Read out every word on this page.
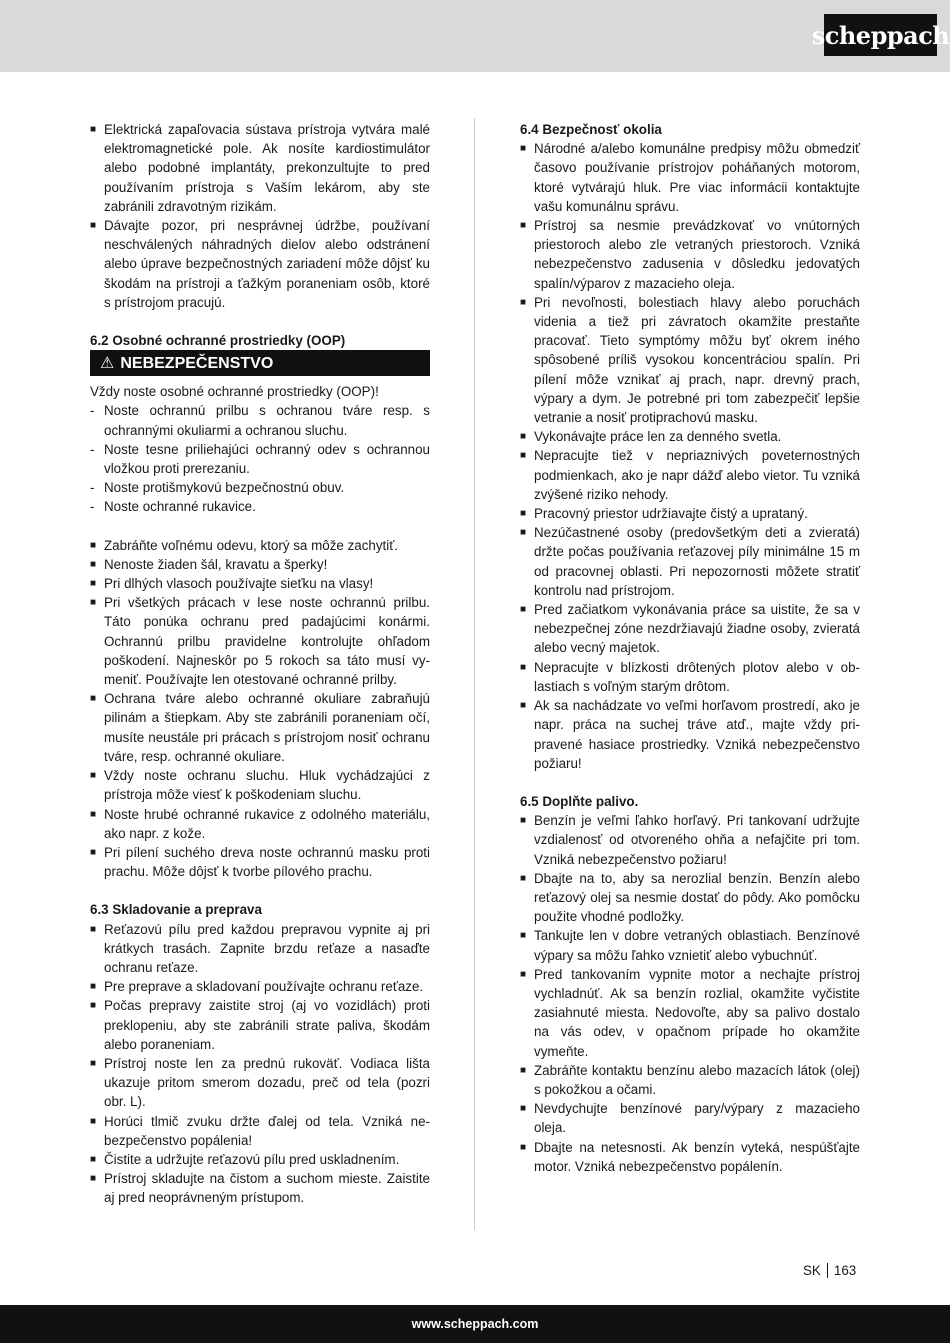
scheppach

■ Elektrická zapaľovacia sústava prístroja vytvára malé elektromagnetické pole. Ak nosíte kardiostimulátor alebo podobné implantáty, prekonzultujte to pred používaním prístroja s Vaším lekárom, aby ste zabránili zdravotným rizikám.

■ Dávajte pozor, pri nesprávnej údržbe, používaní neschválených náhradných dielov alebo odstránení alebo úprave bezpečnostných zariadení môže dôjsť ku škodám na prístroji a ťažkým poraneniam osôb, ktoré s prístrojom pracujú.

6.2 Osobné ochranné prostriedky (OOP)

⚠ NEBEZPEČENSTVO

Vždy noste osobné ochranné prostriedky (OOP)!

- Noste ochrannú prilbu s ochranou tváre resp. s ochrannými okuliarmi a ochranou sluchu.

- Noste tesne priliehajúci ochranný odev s ochrannou vložkou proti prerezaniu.

- Noste protišmykovú bezpečnostnú obuv.

- Noste ochranné rukavice.

■ Zabráňte voľnému odevu, ktorý sa môže zachytiť.

■ Nenoste žiaden šál, kravatu a šperky!

■ Pri dlhých vlasoch používajte sieťku na vlasy!

■ Pri všetkých prácach v lese noste ochrannú prilbu. Táto ponúka ochranu pred padajúcimi konármi. Ochrannú prilbu pravidelne kontrolujte ohľadom poškodení. Najneskôr po 5 rokoch sa táto musí vymeniť. Používajte len otestované ochranné prilby.

■ Ochrana tváre alebo ochranné okuliare zabraňujú pilinám a štiepkam. Aby ste zabránili poraneniam očí, musíte neustále pri prácach s prístrojom nosiť ochranu tváre, resp. ochranné okuliare.

■ Vždy noste ochranu sluchu. Hluk vychádzajúci z prístroja môže viesť k poškodeniam sluchu.

■ Noste hrubé ochranné rukavice z odolného materiálu, ako napr. z kože.

■ Pri pílení suchého dreva noste ochrannú masku proti prachu. Môže dôjsť k tvorbe pílového prachu.

6.3 Skladovanie a preprava

■ Reťazovú pílu pred každou prepravou vypnite aj pri krátkych trasách. Zapnite brzdu reťaze a nasaďte ochranu reťaze.

■ Pre preprave a skladovaní používajte ochranu reťaze.

■ Počas prepravy zaistite stroj (aj vo vozidlách) proti preklopeniu, aby ste zabránili strate paliva, škodám alebo poraneniam.

■ Prístroj noste len za prednú rukoväť. Vodiaca lišta ukazuje pritom smerom dozadu, preč od tela (pozri obr. L).

■ Horúci tlmič zvuku držte ďalej od tela. Vzniká nebezpečenstvo popálenia!

■ Čistite a udržujte reťazovú pílu pred uskladnením.

■ Prístroj skladujte na čistom a suchom mieste. Zaistite aj pred neoprávneným prístupom.

6.4 Bezpečnosť okolia

■ Národné a/alebo komunálne predpisy môžu obmedziť časovo používanie prístrojov poháňaných motorom, ktoré vytvárajú hluk. Pre viac informácii kontaktujte vašu komunálnu správu.

■ Prístroj sa nesmie prevádzkovať vo vnútorných priestoroch alebo zle vetraných priestoroch. Vzniká nebezpečenstvo zadusenia v dôsledku jedovatých spalín/výparov z mazacieho oleja.

■ Pri nevoľnosti, bolestiach hlavy alebo poruchách videnia a tiež pri závratoch okamžite prestaňte pracovať. Tieto symptómy môžu byť okrem iného spôsobené príliš vysokou koncentráciou spalín. Pri pílení môže vznikať aj prach, napr. drevný prach, výpary a dym. Je potrebné pri tom zabezpečiť lepšie vetranie a nosiť protiprachovú masku.

■ Vykonávajte práce len za denného svetla.

■ Nepracujte tiež v nepriaznivých poveternostných podmienkach, ako je napr dážď alebo vietor. Tu vzniká zvýšené riziko nehody.

■ Pracovný priestor udržiavajte čistý a uprataný.

■ Nezúčastnené osoby (predovšetkým deti a zvieratá) držte počas používania reťazovej píly minimálne 15 m od pracovnej oblasti. Pri nepozornosti môžete stratiť kontrolu nad prístrojom.

■ Pred začiatkom vykonávania práce sa uistite, že sa v nebezpečnej zóne nezdržiavajú žiadne osoby, zvieratá alebo vecný majetok.

■ Nepracujte v blízkosti drôtených plotov alebo v oblastiach s voľným starým drôtom.

■ Ak sa nachádzate vo veľmi horľavom prostredí, ako je napr. práca na suchej tráve atď., majte vždy pripravené hasiace prostriedky. Vzniká nebezpečenstvo požiaru!

6.5 Doplňte palivo.

■ Benzín je veľmi ľahko horľavý. Pri tankovaní udržujte vzdialenosť od otvoreného ohňa a nefajčite pri tom. Vzniká nebezpečenstvo požiaru!

■ Dbajte na to, aby sa nerozlial benzín. Benzín alebo reťazový olej sa nesmie dostať do pôdy. Ako pomôcku použite vhodné podložky.

■ Tankujte len v dobre vetraných oblastiach. Benzínové výpary sa môžu ľahko vznietiť alebo vybuchnúť.

■ Pred tankovaním vypnite motor a nechajte prístroj vychladnúť. Ak sa benzín rozlial, okamžite vyčistite zasiahnuté miesta. Nedovoľte, aby sa palivo dostalo na vás odev, v opačnom prípade ho okamžite vymeňte.

■ Zabráňte kontaktu benzínu alebo mazacích látok (olej) s pokožkou a očami.

■ Nevdychujte benzínové pary/výpary z mazacieho oleja.

■ Dbajte na netesnosti. Ak benzín vyteká, nespúšťajte motor. Vzniká nebezpečenstvo popálenín.

SK 163
www.scheppach.com
